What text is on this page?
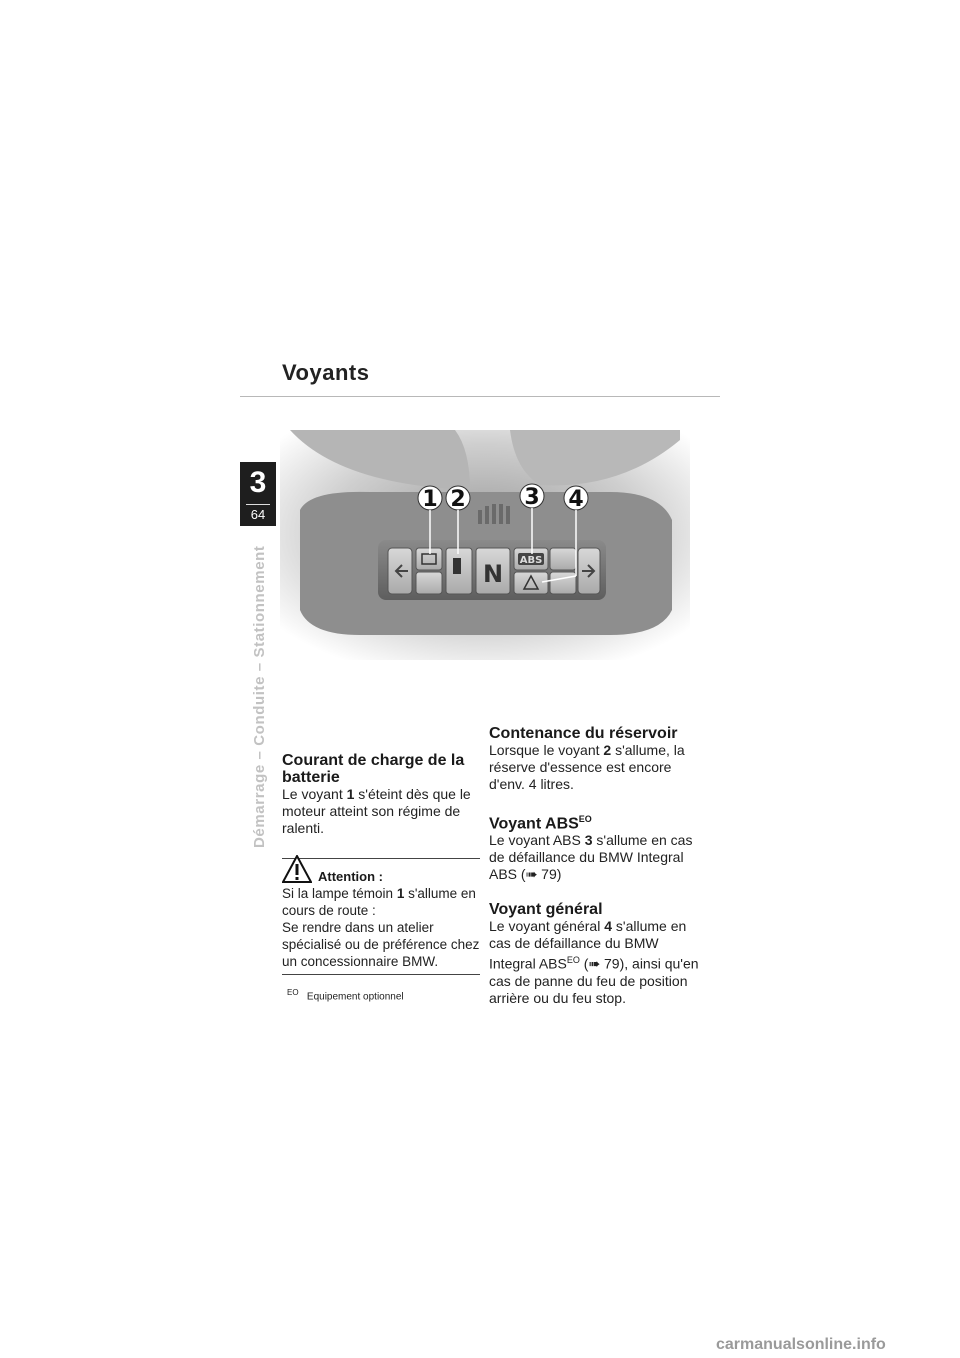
Voyants
3
64
Démarrage – Conduite – Stationnement	N ABS
1 2	3 4
Courant de charge de la batterie

Le voyant 1 s'éteint dès que le moteur atteint son régime de ralenti.

Attention :
Si la lampe témoin 1 s'allume en cours de route :
Se rendre dans un atelier spécialisé ou de préférence chez un concessionnaire BMW.
$^{EO}$ Equipement optionnel
Contenance du réservoir

Lorsque le voyant 2 s'allume, la réserve d'essence est encore d'env. 4 litres.

Voyant $ABS^{EO}$

Le voyant ABS 3 s'allume en cas de défaillance du BMW Integral ABS (➠ 79)

Voyant général

Le voyant général 4 s'allume en cas de défaillance du BMW Integral $ABS^{EO}$ (➠ 79), ainsi qu'en cas de panne du feu de position arrière ou du feu stop.

carmanualsonline.info
